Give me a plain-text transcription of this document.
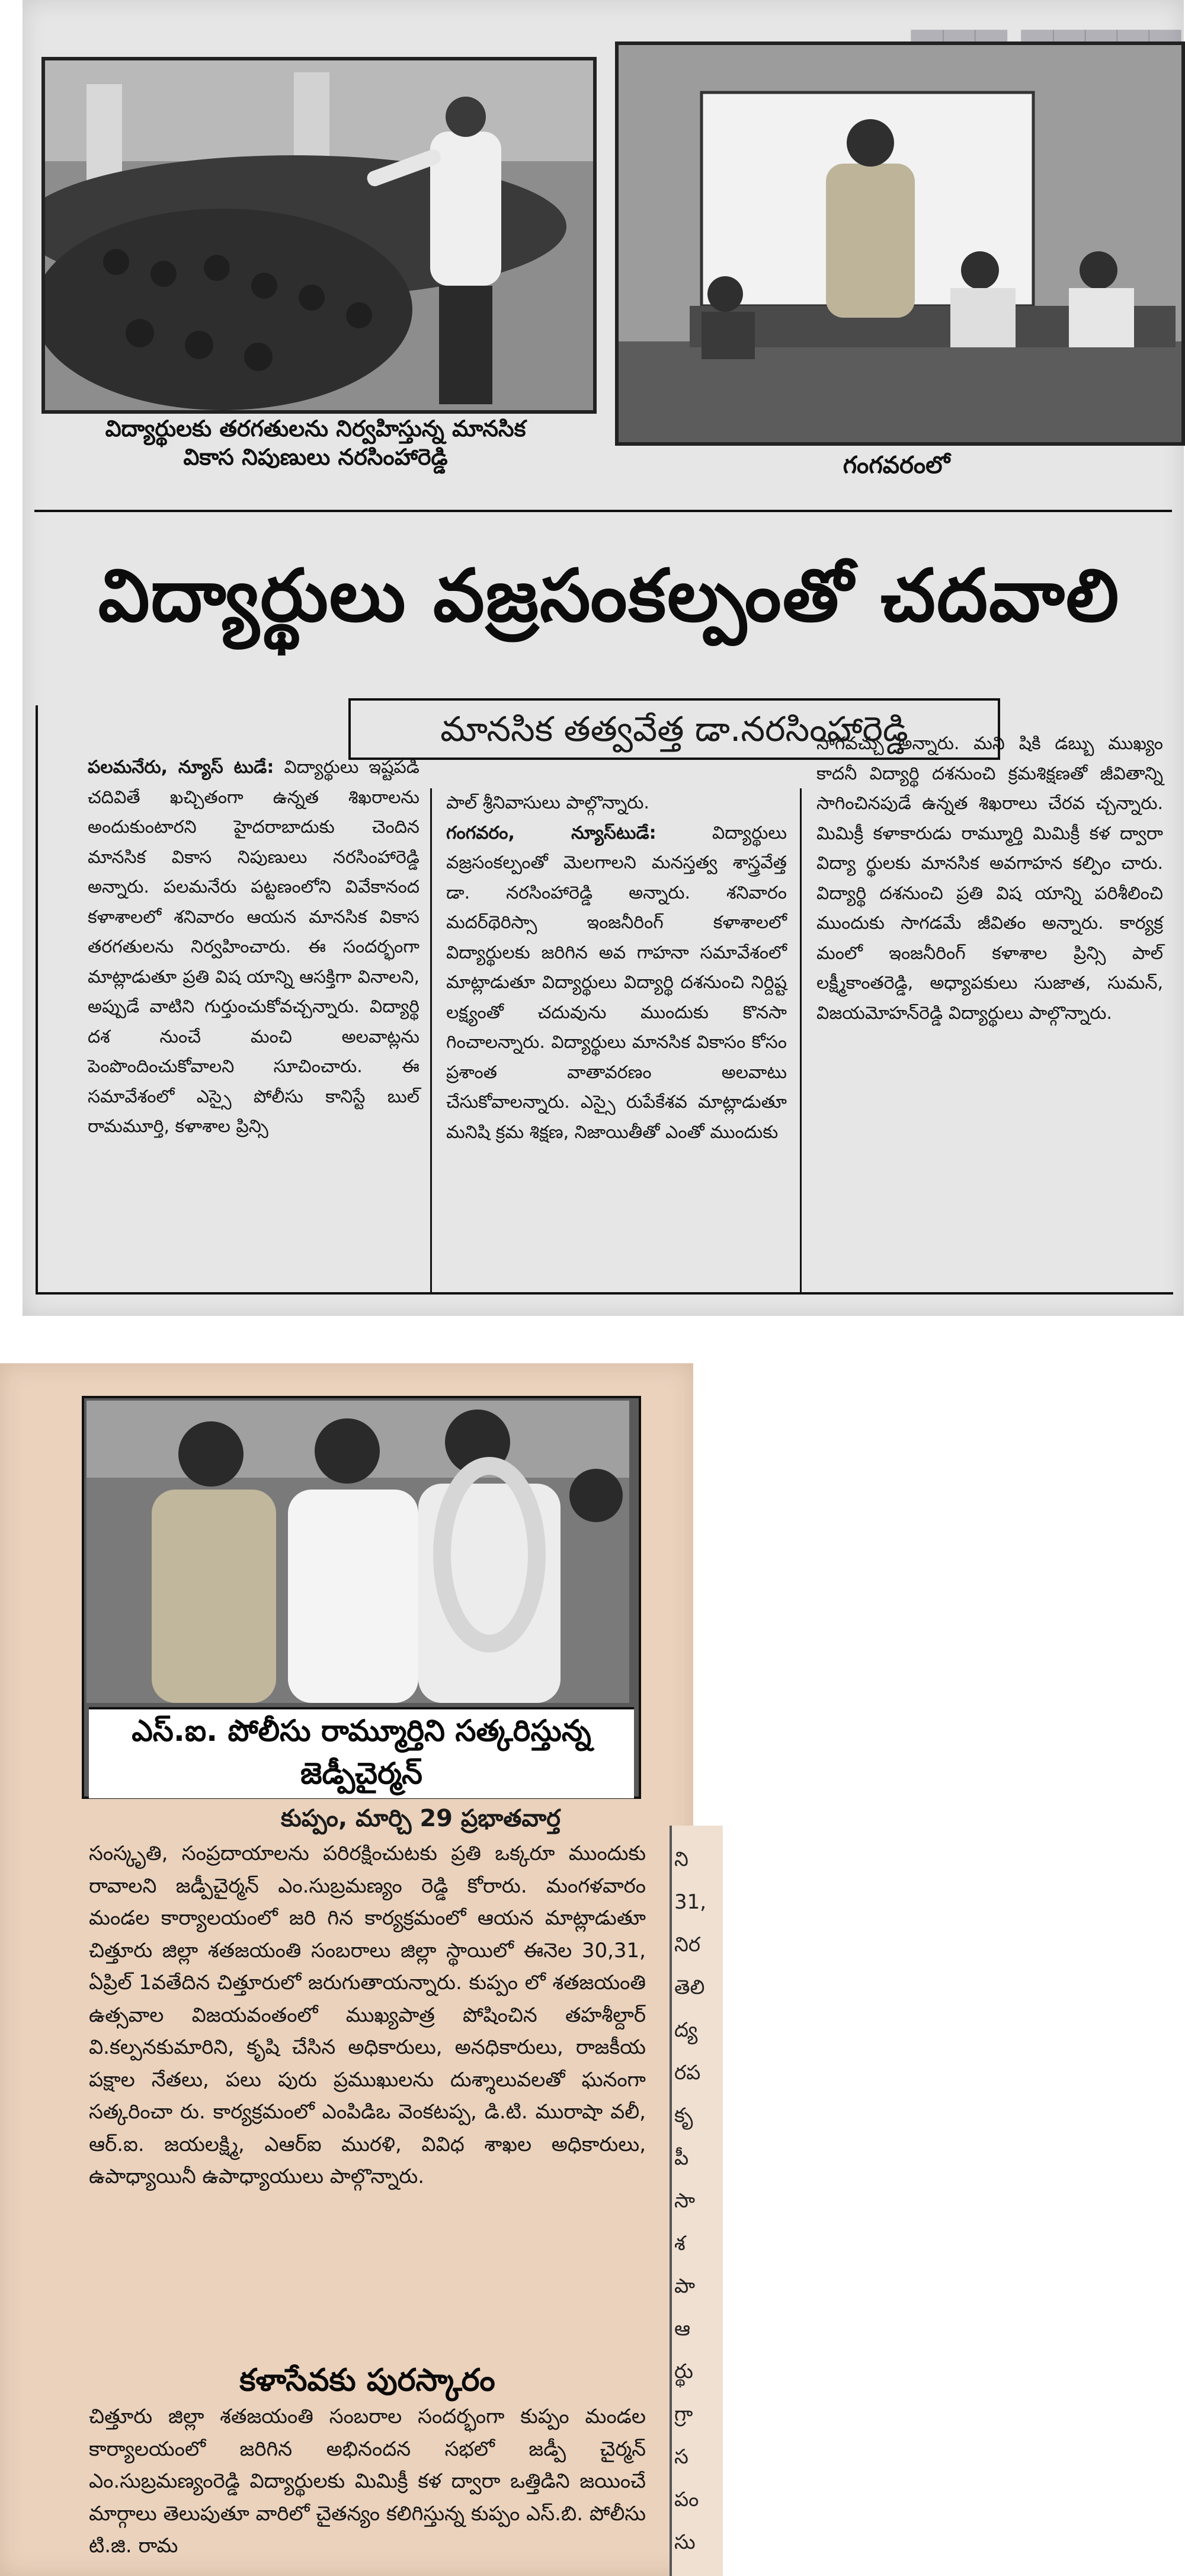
విద్యార్థులకు తరగతులను నిర్వహిస్తున్న మానసిక
వికాస నిపుణులు నరసింహారెడ్డి	గంగవరంలో
విద్యార్థులు వజ్రసంకల్పంతో చదవాలి
మానసిక తత్వవేత్త డా.నరసింహారెడ్డి

పలమనేరు, న్యూస్ టుడే: విద్యార్థులు ఇష్టపడి చదివితే ఖచ్చితంగా ఉన్నత శిఖరాలను అందుకుంటారని హైదరాబాదుకు చెందిన మానసిక వికాస నిపుణులు నరసింహారెడ్డి అన్నారు. పలమనేరు పట్టణంలోని వివేకానంద కళాశాలలో శనివారం ఆయన మానసిక వికాస తరగతులను నిర్వహించారు. ఈ సందర్భంగా మాట్లాడుతూ ప్రతి విష యాన్ని ఆసక్తిగా వినాలని, అప్పుడే వాటిని గుర్తుంచుకోవచ్చన్నారు. విద్యార్థి దశ నుంచే మంచి అలవాట్లను పెంపొందించుకోవాలని సూచించారు. ఈ సమావేశంలో ఎస్సై పోలీసు కానిస్టే బుల్ రామమూర్తి, కళాశాల ప్రిన్సి

పాల్ శ్రీనివాసులు పాల్గొన్నారు.

గంగవరం, న్యూస్‌టుడే:	విద్యార్థులు వజ్రసంకల్పంతో మెలగాలని మనస్తత్వ శాస్త్రవేత్త డా. నరసింహారెడ్డి అన్నారు. శనివారం మదర్‌థెరిస్సా ఇంజనీరింగ్ కళాశాలలో విద్యార్థులకు జరిగిన అవ గాహనా సమావేశంలో మాట్లాడుతూ విద్యార్థులు విద్యార్థి దశనుంచి నిర్దిష్ట లక్ష్యంతో చదువును ముందుకు కొనసా గించాలన్నారు. విద్యార్థులు మానసిక వికాసం కోసం ప్రశాంత వాతావరణం అలవాటు చేసుకోవాలన్నారు. ఎస్సై రుపేకేశవ మాట్లాడుతూ మనిషి క్రమ శిక్షణ, నిజాయితీతో ఎంతో ముందుకు

సాగవచ్చు అన్నారు. మని షికి డబ్బు ముఖ్యం కాదనీ విద్యార్థి దశనుంచి క్రమశిక్షణతో జీవితాన్ని సాగించినపుడే ఉన్నత శిఖరాలు చేరవ చ్చన్నారు. మిమిక్రీ కళాకారుడు రామ్మూర్తి మిమిక్రీ కళ ద్వారా విద్యా ర్థులకు మానసిక అవగాహన కల్పిం చారు. విద్యార్థి దశనుంచి ప్రతి విష యాన్ని పరిశీలించి ముందుకు సాగడమే జీవితం అన్నారు. కార్యక్ర మంలో ఇంజనీరింగ్ కళాశాల ప్రిన్సి పాల్ లక్ష్మీకాంతరెడ్డి, అధ్యాపకులు సుజాత, సుమన్, విజయమోహన్‌రెడ్డి విద్యార్థులు పాల్గొన్నారు.

ఎస్.ఐ. పోలీసు రామ్మూర్తిని సత్కరిస్తున్న
జెడ్పీచైర్మన్
కుప్పం, మార్చి 29 ప్రభాతవార్త
సంస్కృతి, సంప్రదాయాలను పరిరక్షించుటకు ప్రతి ఒక్కరూ ముందుకు రావాలని జడ్పీచైర్మన్ ఎం.సుబ్రమణ్యం రెడ్డి కోరారు. మంగళవారం మండల కార్యాలయంలో జరి గిన కార్యక్రమంలో ఆయన మాట్లాడుతూ చిత్తూరు జిల్లా శతజయంతి సంబరాలు జిల్లా స్థాయిలో ఈనెల 30,31, ఏప్రిల్ 1వతేదిన చిత్తూరులో జరుగుతాయన్నారు. కుప్పం లో శతజయంతి ఉత్సవాల విజయవంతంలో ముఖ్యపాత్ర పోషించిన తహశీల్దార్ వి.కల్పనకుమారిని, కృషి చేసిన అధికారులు, అనధికారులు, రాజకీయ పక్షాల నేతలు, పలు పురు ప్రముఖులను దుశ్శాలువలతో ఘనంగా సత్కరించా రు. కార్యక్రమంలో ఎంపిడిఒ వెంకటప్ప, డి.టి. మురాషా వలీ, ఆర్.ఐ. జయలక్ష్మి, ఎఆర్ఐ మురళి, వివిధ శాఖల అధికారులు, ఉపాధ్యాయినీ ఉపాధ్యాయులు పాల్గొన్నారు.
కళాసేవకు పురస్కారం
చిత్తూరు జిల్లా శతజయంతి సంబరాల సందర్భంగా కుప్పం మండల కార్యాలయంలో జరిగిన అభినందన సభలో జడ్పీ చైర్మన్ ఎం.సుబ్రమణ్యంరెడ్డి విద్యార్థులకు మిమిక్రీ కళ ద్వారా ఒత్తిడిని జయించే మార్గాలు తెలుపుతూ వారిలో చైతన్యం కలిగిస్తున్న కుప్పం ఎస్.బి. పోలీసు టి.జి. రామ
ని
31,
నిర
తెలి
ద్య
రప
కృ
పీ
సా
శ
పా
ఆ
ర్థు
గ్రా
స
పం
సు
